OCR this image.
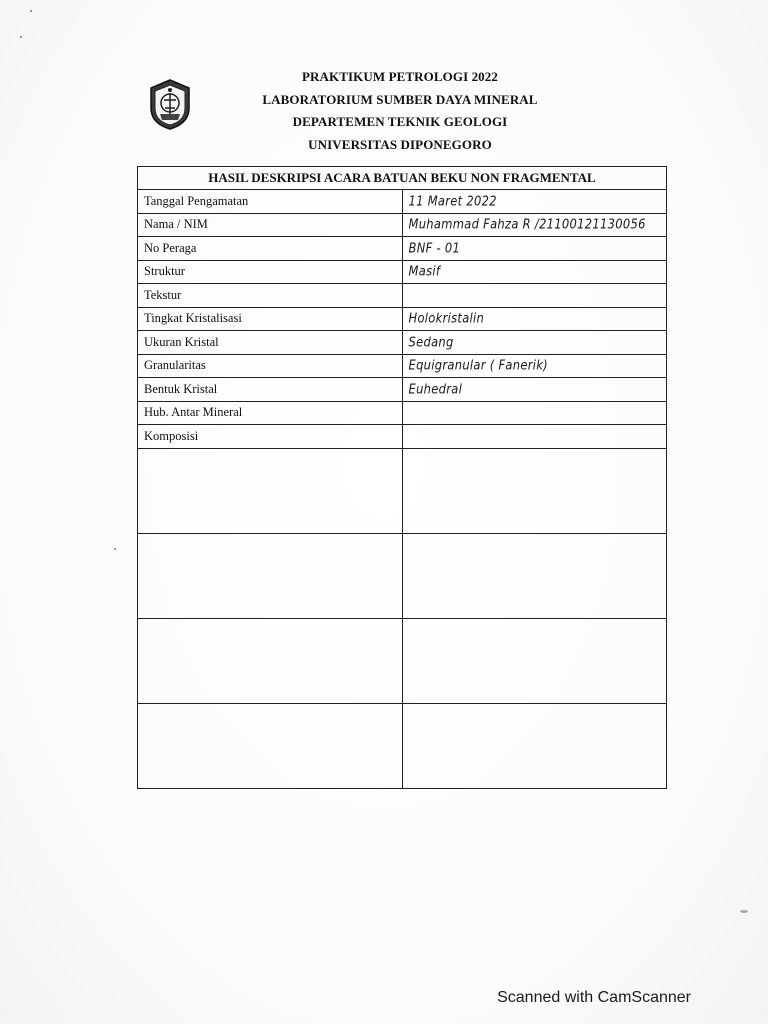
PRAKTIKUM PETROLOGI 2022
LABORATORIUM SUMBER DAYA MINERAL
DEPARTEMEN TEKNIK GEOLOGI
UNIVERSITAS DIPONEGORO
HASIL DESKRIPSI ACARA BATUAN BEKU NON FRAGMENTAL	
Tanggal Pengamatan	11 Maret 2022
Nama / NIM	Muhammad Fahza R /21100121130056
No Peraga	BNF - 01
Struktur	Masif
Tekstur	
Tingkat Kristalisasi	Holokristalin
Ukuran Kristal	Sedang
Granularitas	Equigranular ( Fanerik)
Bentuk Kristal	Euhedral
Hub. Antar Mineral	
Komposisi	

Scanned with CamScanner
